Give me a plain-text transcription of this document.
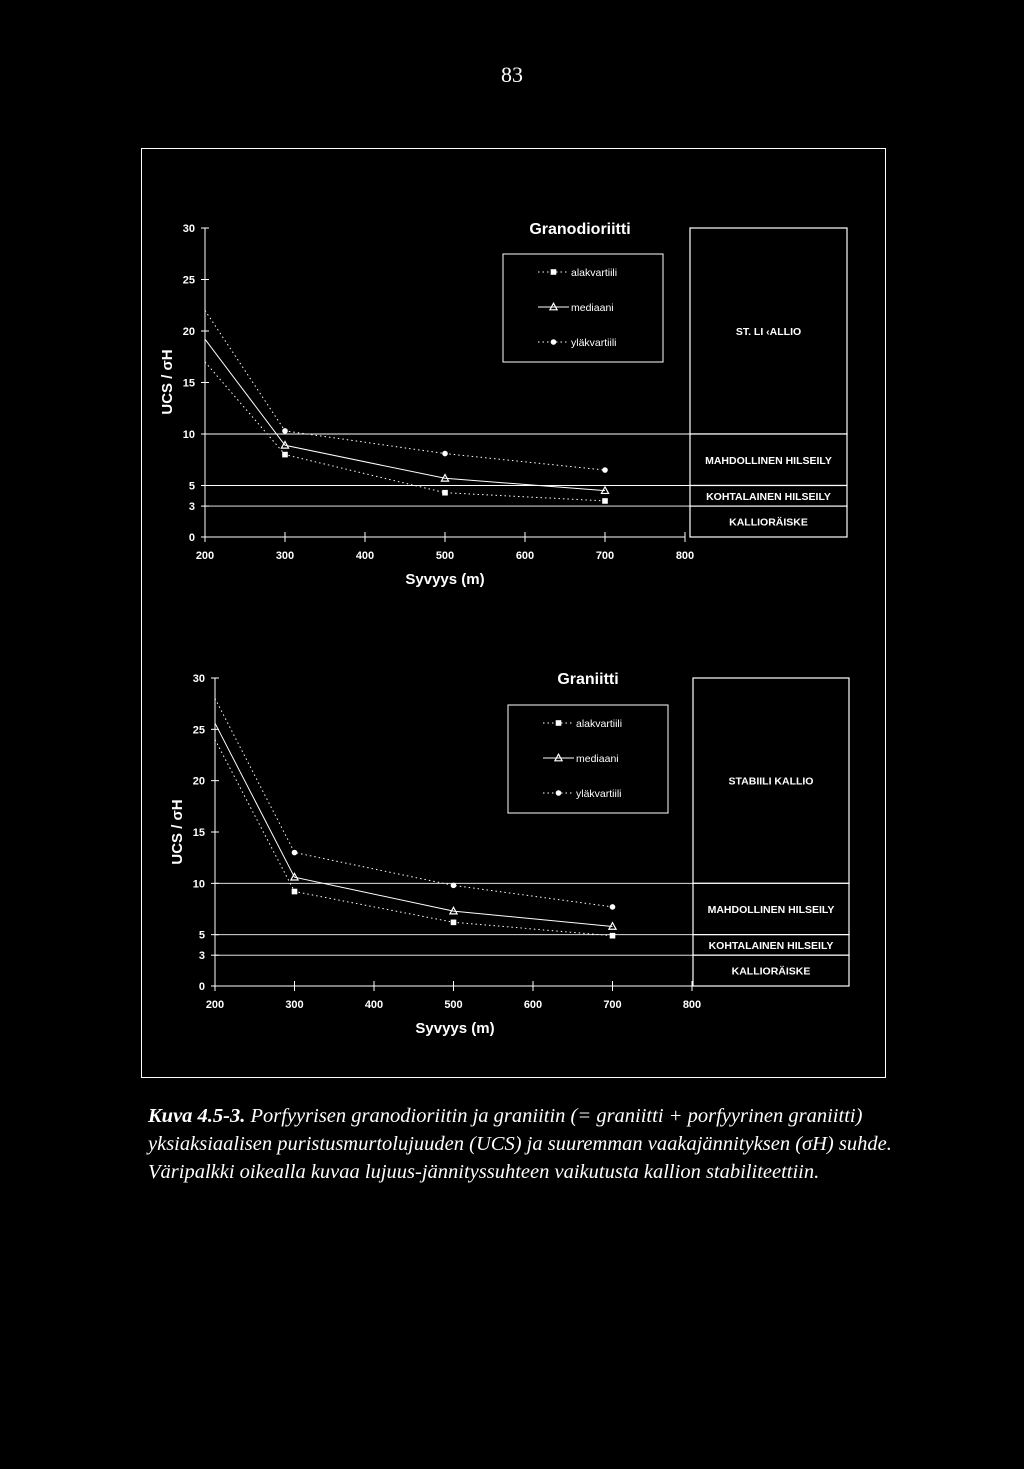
83
0
3
5
10
15
20
25
30
200	300	400	500	600	700	800
Syvyys (m)
UCS / σH
Granodioriitti
ST. LI ‹ALLIO
MAHDOLLINEN HILSEILY
KOHTALAINEN HILSEILY
KALLIORÄISKE
alakvartiili
mediaani
yläkvartiili
0
3
5
10
15
20
25
30
200	300	400	500	600	700	800
Syvyys (m)
UCS / σH
Graniitti
STABIILI KALLIO
MAHDOLLINEN HILSEILY
KOHTALAINEN HILSEILY
KALLIORÄISKE
alakvartiili
mediaani
yläkvartiili
Kuva 4.5-3. Porfyyrisen granodioriitin ja graniitin (= graniitti + porfyyrinen graniitti) yksiaksiaalisen puristusmurtolujuuden (UCS) ja suuremman vaakajännityksen (σH) suhde. Väripalkki oikealla kuvaa lujuus-jännityssuhteen vaikutusta kallion stabiliteettiin.
